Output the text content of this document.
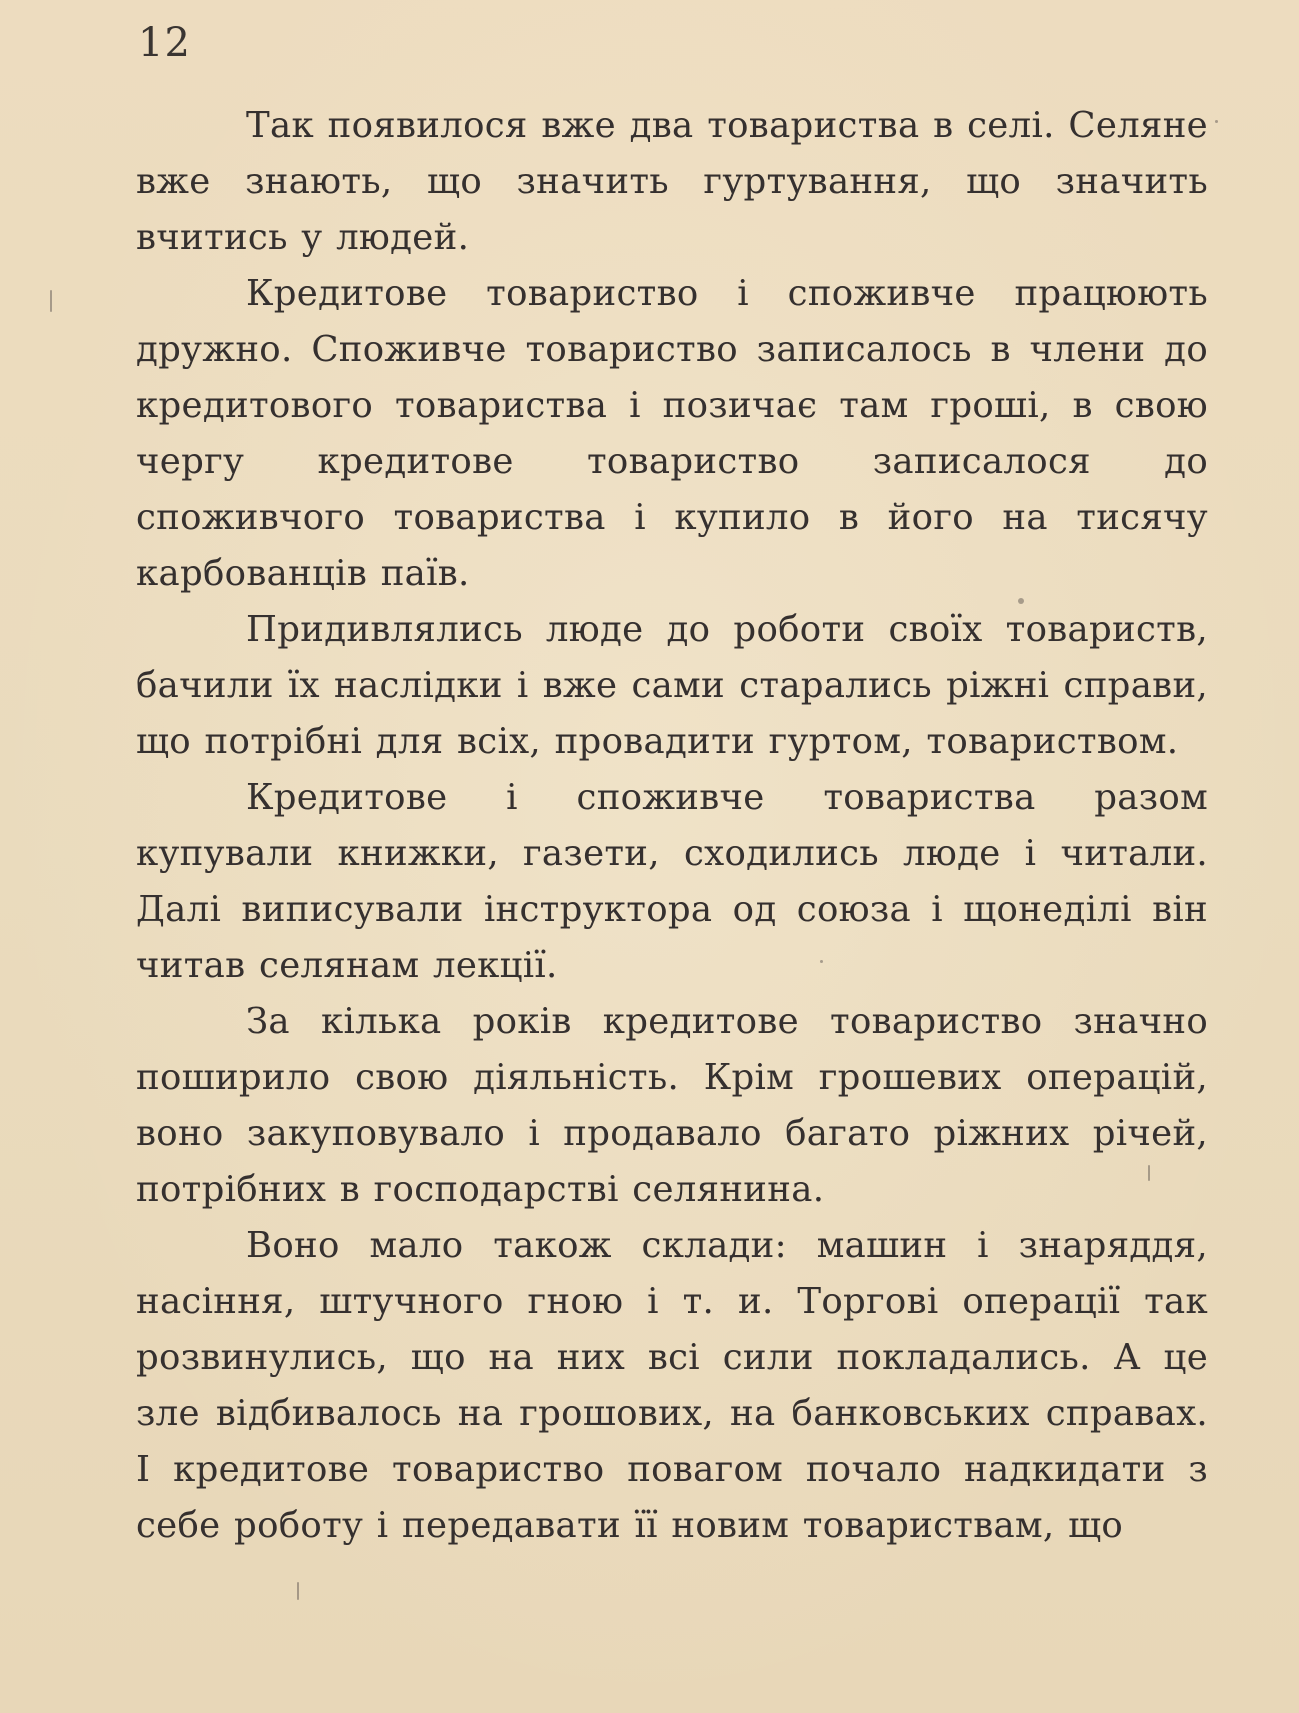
12

Так появилося вже два товариства в селі. Селяне вже знають, що значить гуртування, що значить вчитись у людей.

Кредитове товариство і споживче працюють дружно. Споживче товариство записалось в члени до кредитового товариства і позичає там гроші, в свою чергу кредитове товариство записалося до споживчого товариства і купило в його на тисячу карбованців паїв.

Придивлялись люде до роботи своїх товариств, бачили їх наслідки і вже сами старались ріжні справи, що потрібні для всіх, провадити гуртом, товариством.

Кредитове і споживче товариства разом купували книжки, газети, сходились люде і читали. Далі виписували інструктора од союза і щонеділі він читав селянам лекції.

За кілька років кредитове товариство значно поширило свою діяльність. Крім грошевих операцій, воно закуповувало і продавало багато ріжних річей, потрібних в господарстві селянина.

Воно мало також склади: машин і знаряддя, насіння, штучного гною і т. и. Торгові операції так розвинулись, що на них всі сили покладались. А це зле відбивалось на грошових, на банковських справах. І кредитове товариство повагом почало надкидати з себе роботу і передавати її новим товариствам, що
